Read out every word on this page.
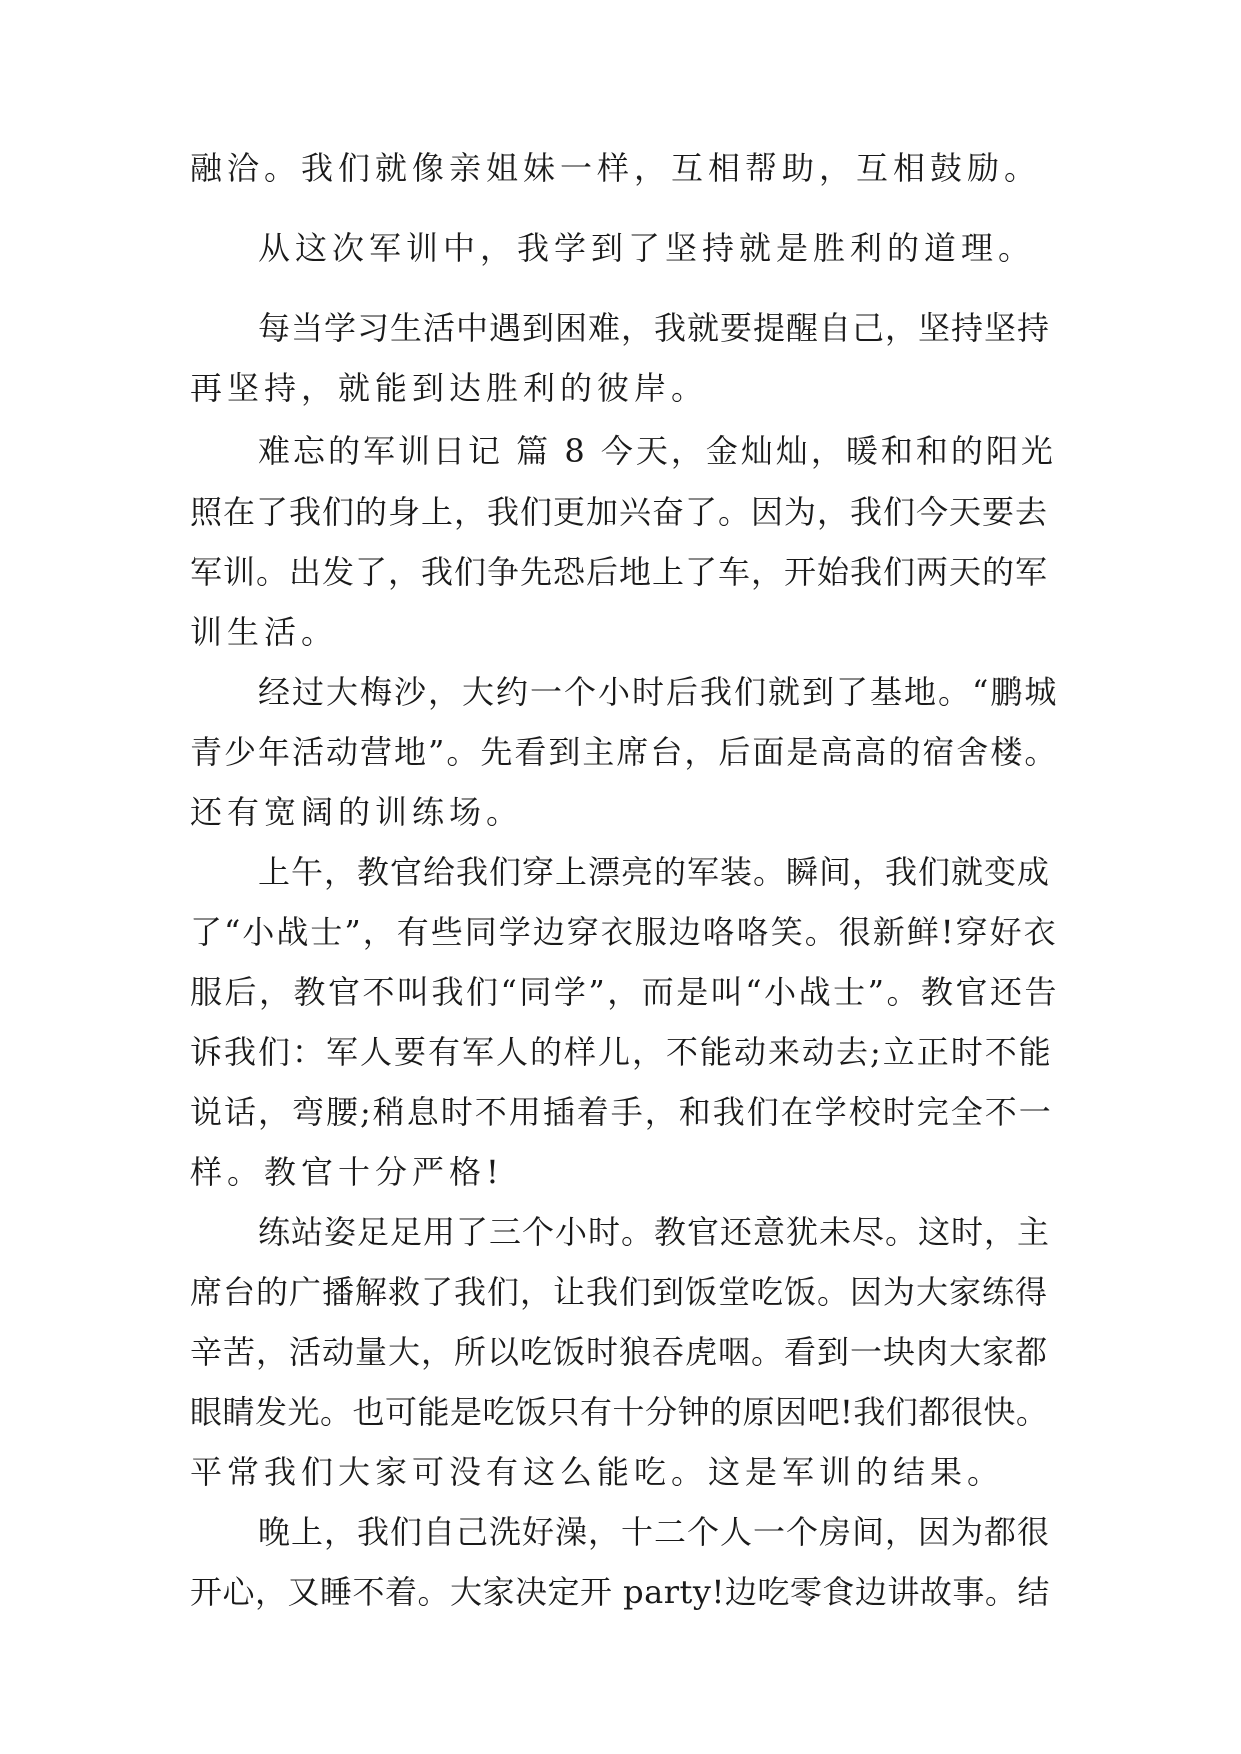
融洽。我们就像亲姐妹一样，互相帮助，互相鼓励。
从这次军训中，我学到了坚持就是胜利的道理。
每当学习生活中遇到困难，我就要提醒自己，坚持坚持
再坚持，就能到达胜利的彼岸。
难忘的军训日记 篇 8 今天，金灿灿，暖和和的阳光
照在了我们的身上，我们更加兴奋了。因为，我们今天要去
军训。出发了，我们争先恐后地上了车，开始我们两天的军
训生活。
经过大梅沙，大约一个小时后我们就到了基地。“鹏城
青少年活动营地”。先看到主席台，后面是高高的宿舍楼。
还有宽阔的训练场。
上午，教官给我们穿上漂亮的军装。瞬间，我们就变成
了“小战士”，有些同学边穿衣服边咯咯笑。很新鲜!穿好衣
服后，教官不叫我们“同学”，而是叫“小战士”。教官还告
诉我们：军人要有军人的样儿，不能动来动去;立正时不能
说话，弯腰;稍息时不用插着手，和我们在学校时完全不一
样。教官十分严格!
练站姿足足用了三个小时。教官还意犹未尽。这时，主
席台的广播解救了我们，让我们到饭堂吃饭。因为大家练得
辛苦，活动量大，所以吃饭时狼吞虎咽。看到一块肉大家都
眼睛发光。也可能是吃饭只有十分钟的原因吧!我们都很快。
平常我们大家可没有这么能吃。这是军训的结果。
晚上，我们自己洗好澡，十二个人一个房间，因为都很
开心，又睡不着。大家决定开 party!边吃零食边讲故事。结
